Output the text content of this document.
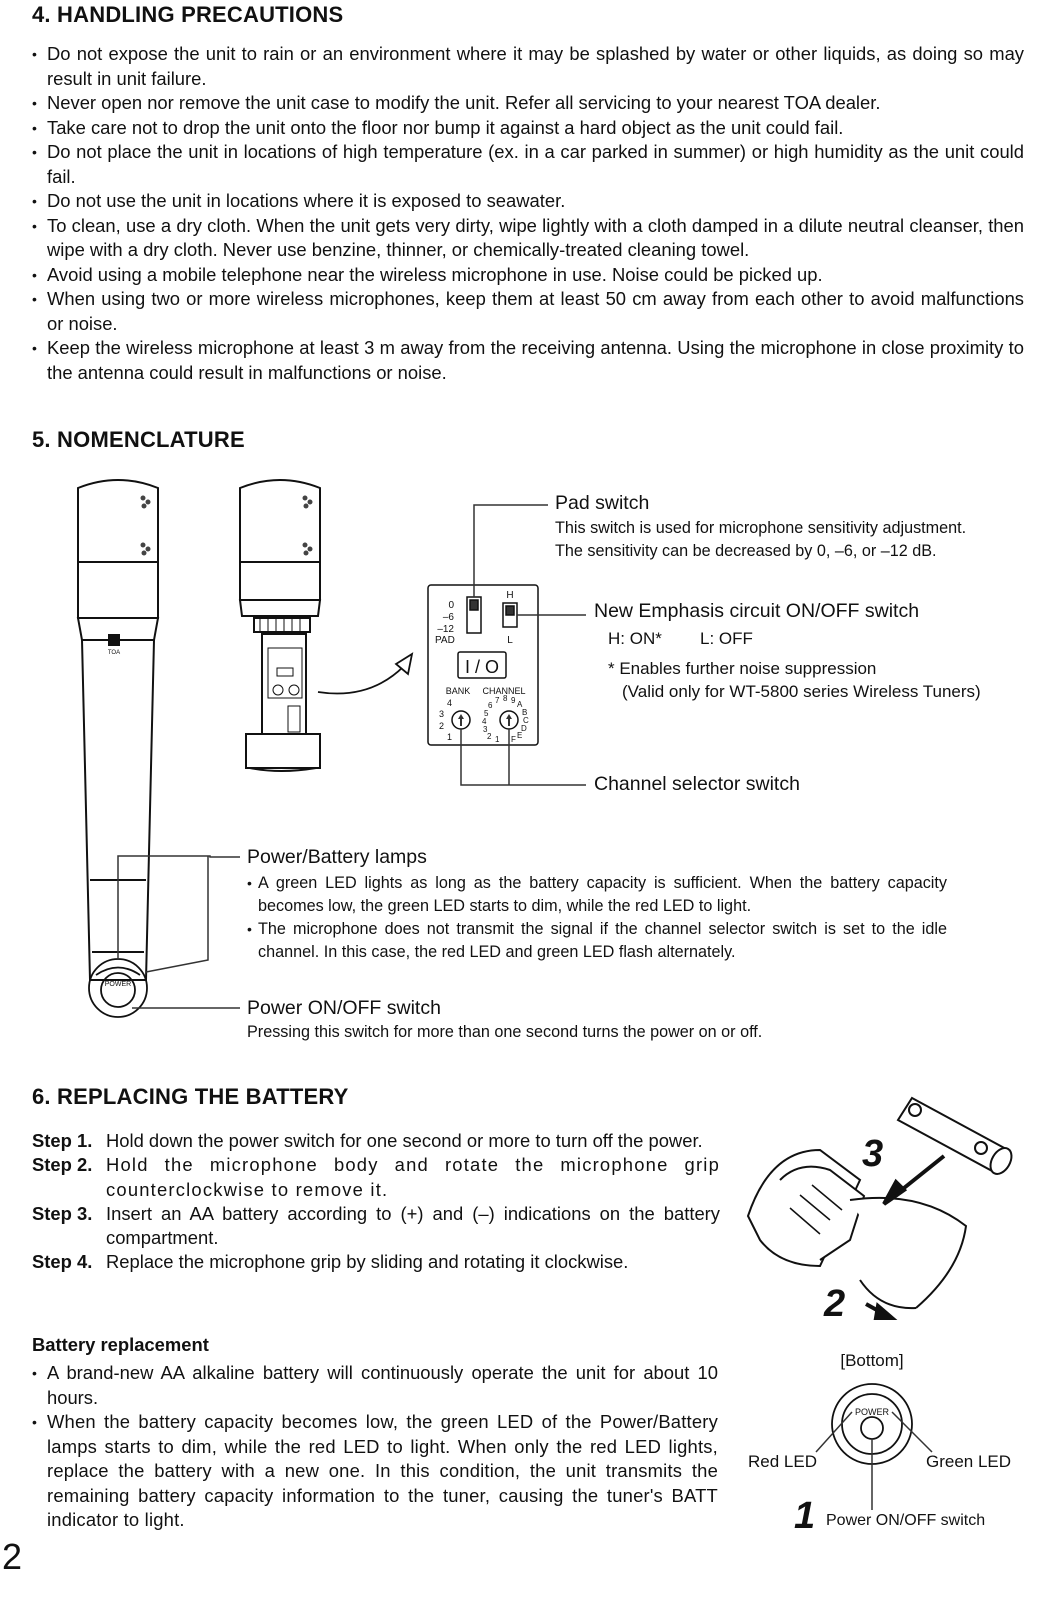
4. HANDLING PRECAUTIONS
• Do not expose the unit to rain or an environment where it may be splashed by water or other liquids, as doing so may result in unit failure.
• Never open nor remove the unit case to modify the unit. Refer all servicing to your nearest TOA dealer.
• Take care not to drop the unit onto the floor nor bump it against a hard object as the unit could fail.
• Do not place the unit in locations of high temperature (ex. in a car parked in summer) or high humidity as the unit could fail.
• Do not use the unit in locations where it is exposed to seawater.
• To clean, use a dry cloth. When the unit gets very dirty, wipe lightly with a cloth damped in a dilute neutral cleanser, then wipe with a dry cloth. Never use benzine, thinner, or chemically-treated cleaning towel.
• Avoid using a mobile telephone near the wireless microphone in use. Noise could be picked up.
• When using two or more wireless microphones, keep them at least 50 cm away from each other to avoid malfunctions or noise.
• Keep the wireless microphone at least 3 m away from the receiving antenna. Using the microphone in close proximity to the antenna could result in malfunctions or noise.
5. NOMENCLATURE
TOA
POWER
0
–6
–12
PAD
H
L
I / O
BANK CHANNEL
4
3
2
1
6
7 8 9 A
B
C
D
E
F
5
4
3
2 1
Pad switch
This switch is used for microphone sensitivity adjustment.
The sensitivity can be decreased by 0, –6, or –12 dB.
New Emphasis circuit ON/OFF switch
H: ON* L: OFF
* Enables further noise suppression
(Valid only for WT-5800 series Wireless Tuners)
Channel selector switch
Power/Battery lamps
• A green LED lights as long as the battery capacity is sufficient. When the battery capacity becomes low, the green LED starts to dim, while the red LED to light.
• The microphone does not transmit the signal if the channel selector switch is set to the idle channel. In this case, the red LED and green LED flash alternately.
Power ON/OFF switch
Pressing this switch for more than one second turns the power on or off.
6. REPLACING THE BATTERY
Step 1. Hold down the power switch for one second or more to turn off the power.
Step 2. Hold the microphone body and rotate the microphone grip counterclockwise to remove it.
Step 3. Insert an AA battery according to (+) and (–) indications on the battery compartment.
Step 4. Replace the microphone grip by sliding and rotating it clockwise.
Battery replacement
• A brand-new AA alkaline battery will continuously operate the unit for about 10 hours.
• When the battery capacity becomes low, the green LED of the Power/Battery lamps starts to dim, while the red LED to light. When only the red LED lights, replace the battery with a new one. In this condition, the unit transmits the remaining battery capacity information to the tuner, causing the tuner's BATT indicator to light.
3
2
[Bottom]
POWER
Red LED	Green LED
1 Power ON/OFF switch
2
